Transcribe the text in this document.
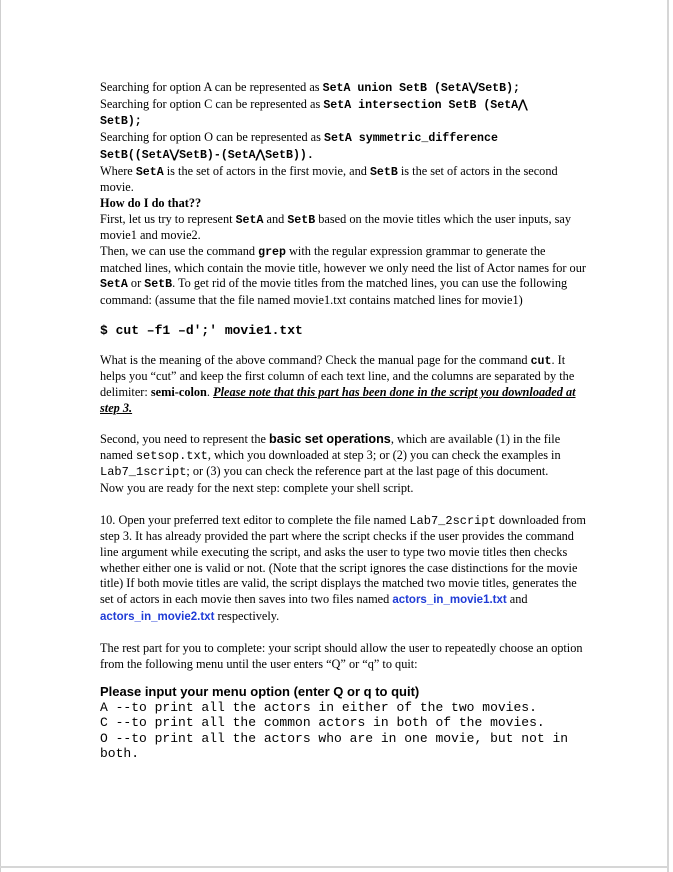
Searching for option A can be represented as SetA union SetB (SetA⋁SetB);

Searching for option C can be represented as SetA intersection SetB (SetA⋀
SetB);

Searching for option O can be represented as SetA symmetric_difference
SetB((SetA⋁SetB)-(SetA⋀SetB)).

Where SetA is the set of actors in the first movie, and SetB is the set of actors in the second movie.

How do I do that??

First, let us try to represent SetA and SetB based on the movie titles which the user inputs, say movie1 and movie2.

Then, we can use the command grep with the regular expression grammar to generate the matched lines, which contain the movie title, however we only need the list of Actor names for our SetA or SetB. To get rid of the movie titles from the matched lines, you can use the following command: (assume that the file named movie1.txt contains matched lines for movie1)

$ cut –f1 –d';' movie1.txt

What is the meaning of the above command? Check the manual page for the command cut. It helps you “cut” and keep the first column of each text line, and the columns are separated by the delimiter: semi-colon. Please note that this part has been done in the script you downloaded at step 3.

Second, you need to represent the basic set operations, which are available (1) in the file named setsop.txt, which you downloaded at step 3; or (2) you can check the examples in Lab7_1script; or (3) you can check the reference part at the last page of this document.

Now you are ready for the next step: complete your shell script.

10. Open your preferred text editor to complete the file named Lab7_2script downloaded from step 3. It has already provided the part where the script checks if the user provides the command line argument while executing the script, and asks the user to type two movie titles then checks whether either one is valid or not. (Note that the script ignores the case distinctions for the movie title) If both movie titles are valid, the script displays the matched two movie titles, generates the set of actors in each movie then saves into two files named actors_in_movie1.txt and actors_in_movie2.txt respectively.

The rest part for you to complete: your script should allow the user to repeatedly choose an option from the following menu until the user enters “Q” or “q” to quit:

Please input your menu option (enter Q or q to quit)

A --to print all the actors in either of the two movies.

C --to print all the common actors in both of the movies.

O --to print all the actors who are in one movie, but not in both.
